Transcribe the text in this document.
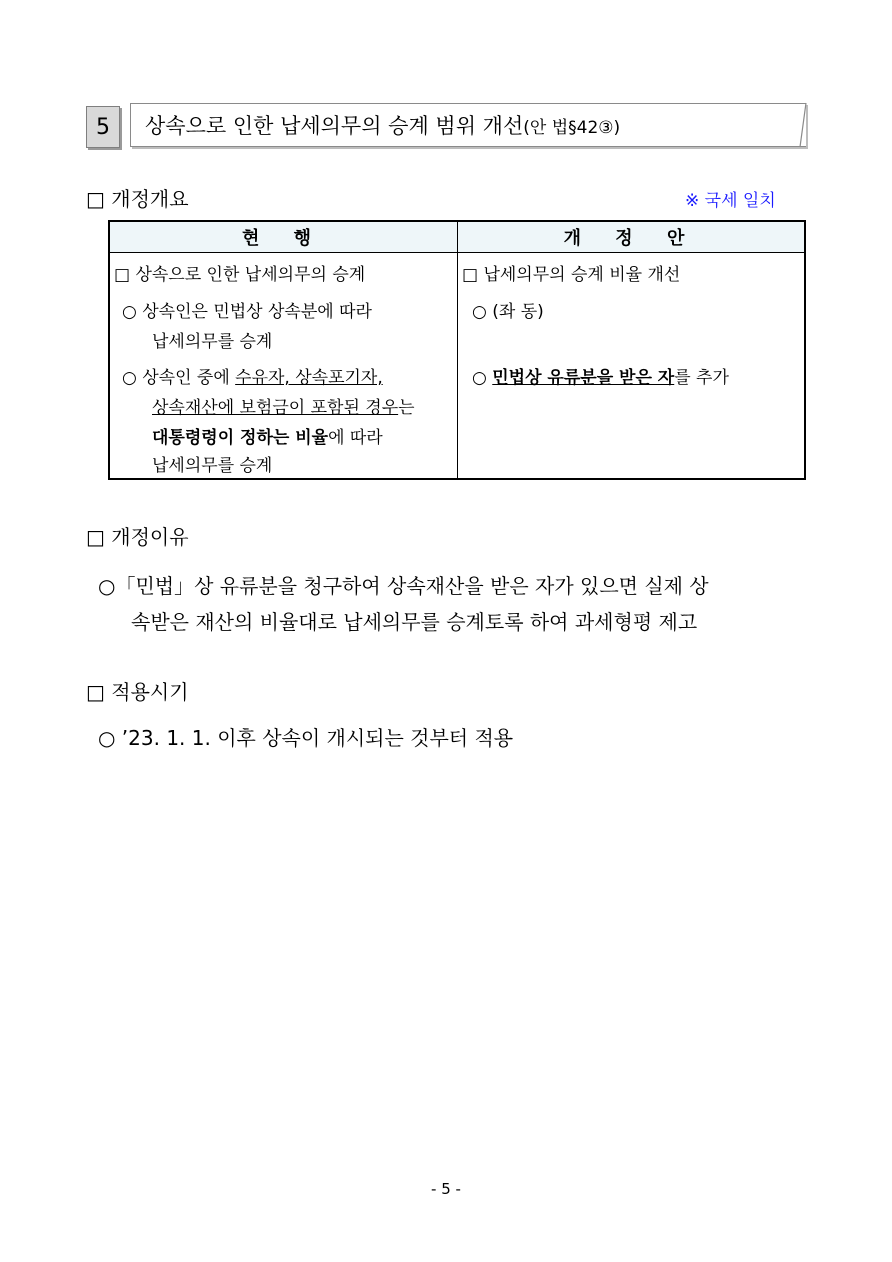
5 상속으로 인한 납세의무의 승계 범위 개선 (안 법§42③)
□ 개정개요	※ 국세 일치
현 행	개 정 안
□ 상속으로 인한 납세의무의 승계
○ 상속인은 민법상 상속분에 따라
납세의무를 승계
○ 상속인 중에 수유자, 상속포기자,
상속재산에 보험금이 포함된 경우는
대통령령이 정하는 비율에 따라
납세의무를 승계
□ 납세의무의 승계 비율 개선
○ (좌 동)
○ 민법상 유류분을 받은 자를 추가
□ 개정이유
○「민법」상 유류분을 청구하여 상속재산을 받은 자가 있으면 실제 상
속받은 재산의 비율대로 납세의무를 승계토록 하여 과세형평 제고
□ 적용시기
○ ’23. 1. 1. 이후 상속이 개시되는 것부터 적용
- 5 -
